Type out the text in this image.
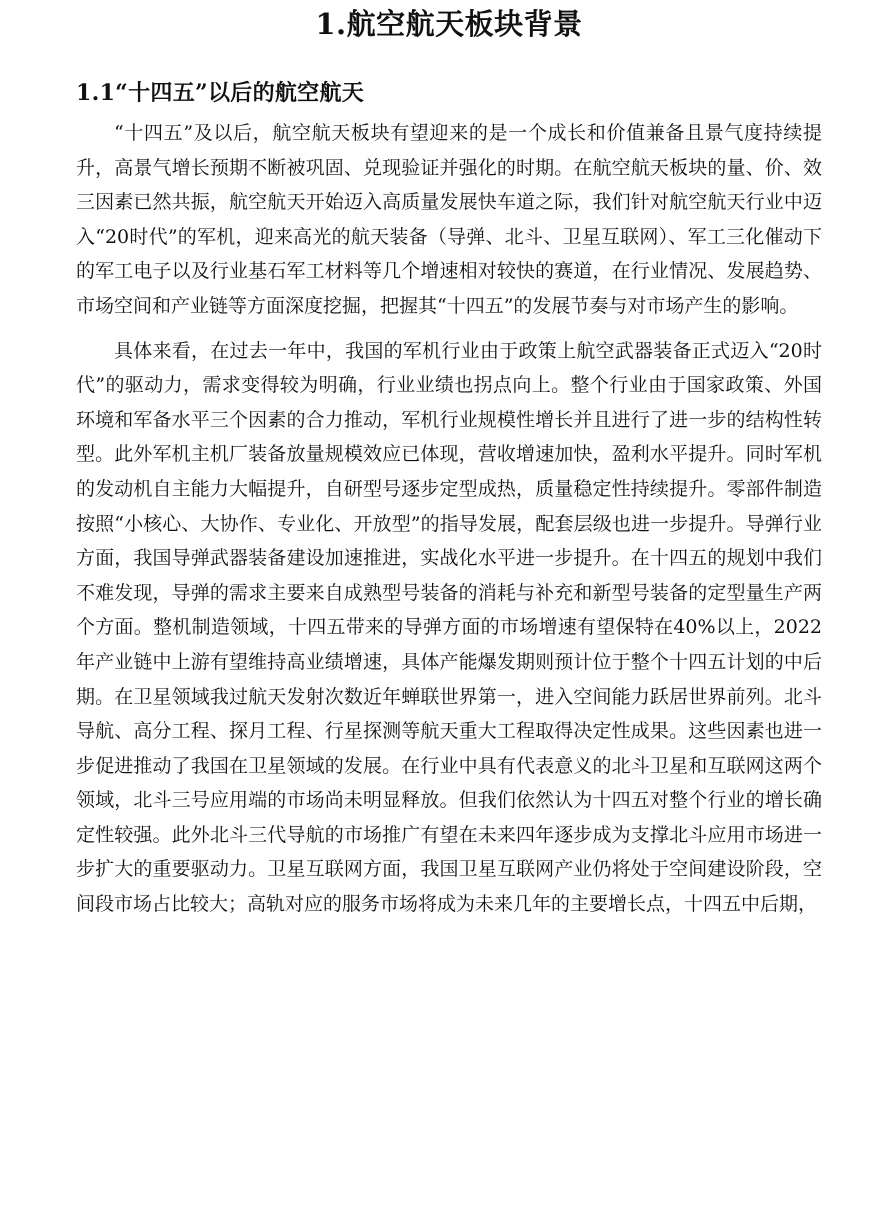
1.航空航天板块背景
1.1“十四五”以后的航空航天

“十四五”及以后，航空航天板块有望迎来的是一个成长和价值兼备且景气度持续提升，高景气增长预期不断被巩固、兑现验证并强化的时期。在航空航天板块的量、价、效三因素已然共振，航空航天开始迈入高质量发展快车道之际，我们针对航空航天行业中迈入“20时代”的军机，迎来高光的航天装备（导弹、北斗、卫星互联网）、军工三化催动下的军工电子以及行业基石军工材料等几个增速相对较快的赛道，在行业情况、发展趋势、市场空间和产业链等方面深度挖掘，把握其“十四五”的发展节奏与对市场产生的影响。

具体来看，在过去一年中，我国的军机行业由于政策上航空武器装备正式迈入“20时代”的驱动力，需求变得较为明确，行业业绩也拐点向上。整个行业由于国家政策、外国环境和军备水平三个因素的合力推动，军机行业规模性增长并且进行了进一步的结构性转型。此外军机主机厂装备放量规模效应已体现，营收增速加快，盈利水平提升。同时军机的发动机自主能力大幅提升，自研型号逐步定型成热，质量稳定性持续提升。零部件制造按照“小核心、大协作、专业化、开放型”的指导发展，配套层级也进一步提升。导弹行业方面，我国导弹武器装备建设加速推进，实战化水平进一步提升。在十四五的规划中我们不难发现，导弹的需求主要来自成熟型号装备的消耗与补充和新型号装备的定型量生产两个方面。整机制造领域，十四五带来的导弹方面的市场增速有望保特在40%以上，2022年产业链中上游有望维持高业绩增速，具体产能爆发期则预计位于整个十四五计划的中后期。在卫星领域我过航天发射次数近年蝉联世界第一，进入空间能力跃居世界前列。北斗导航、高分工程、探月工程、行星探测等航天重大工程取得决定性成果。这些因素也进一步促进推动了我国在卫星领域的发展。在行业中具有代表意义的北斗卫星和互联网这两个领域，北斗三号应用端的市场尚未明显释放。但我们依然认为十四五对整个行业的增长确定性较强。此外北斗三代导航的市场推广有望在未来四年逐步成为支撑北斗应用市场进一步扩大的重要驱动力。卫星互联网方面，我国卫星互联网产业仍将处于空间建设阶段，空间段市场占比较大；高轨对应的服务市场将成为未来几年的主要增长点，十四五中后期，
